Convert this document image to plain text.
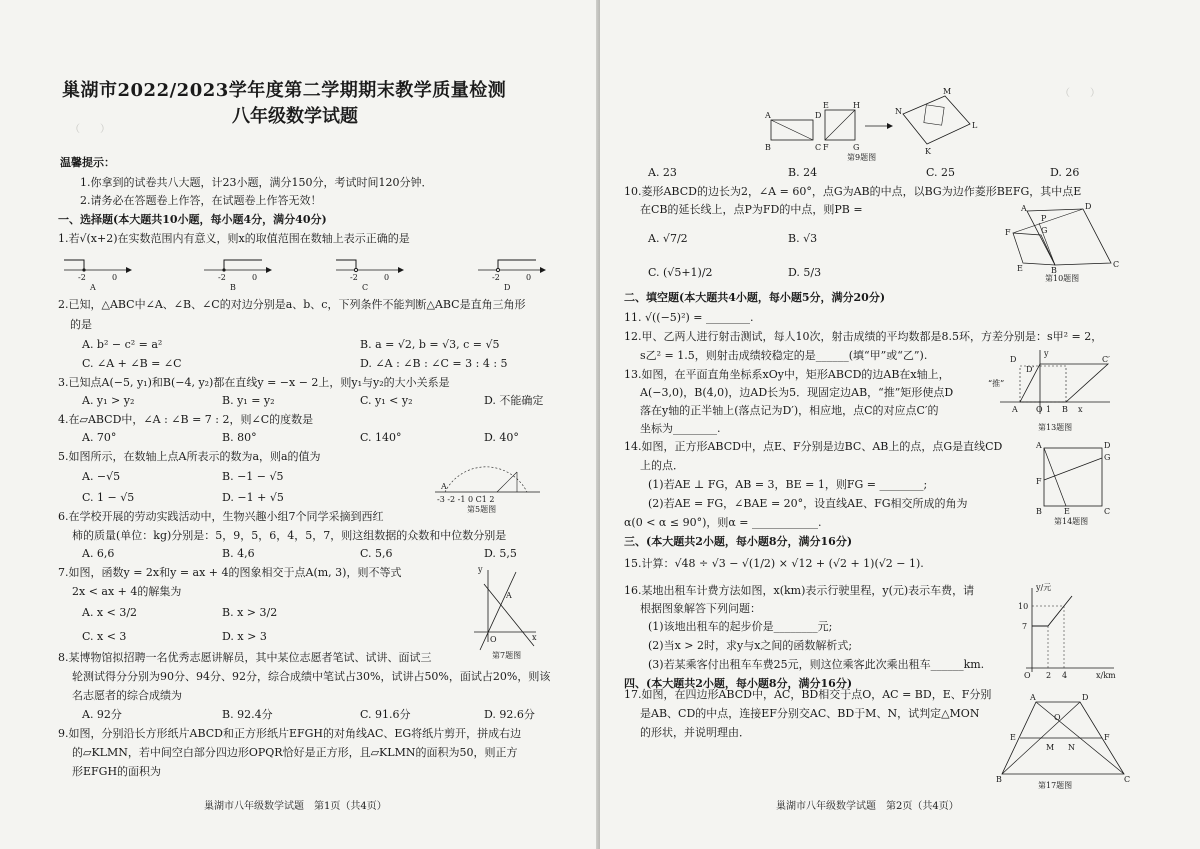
（　　）　　　　　　　　　　　　
巢湖市2022/2023学年度第二学期期末教学质量检测
八年级数学试题
温馨提示：
1.你拿到的试卷共八大题，计23小题，满分150分，考试时间120分钟．
2.请务必在答题卷上作答，在试题卷上作答无效！
一、选择题(本大题共10小题，每小题4分，满分40分)
1.若√(x+2)在实数范围内有意义，则x的取值范围在数轴上表示正确的是
-2	0
A
-2	0
B
-2	0
C
-2	0
D
2.已知，△ABC中∠A、∠B、∠C的对边分别是a、b、c，下列条件不能判断△ABC是直角三角形
的是
A. b² − c² = a²	B. a = √2, b = √3, c = √5
C. ∠A + ∠B = ∠C	D. ∠A : ∠B : ∠C = 3 : 4 : 5
3.已知点A(−5, y₁)和B(−4, y₂)都在直线y = −x − 2上，则y₁与y₂的大小关系是
A. y₁ > y₂	B. y₁ = y₂	C. y₁ < y₂	D. 不能确定
4.在▱ABCD中，∠A : ∠B = 7 : 2，则∠C的度数是
A. 70°	B. 80°	C. 140°	D. 40°
5.如图所示，在数轴上点A所表示的数为a，则a的值为
A. −√5	B. −1 − √5
C. 1 − √5	D. −1 + √5	-3 -2 -1 0 C1 2
A
第5题图
6.在学校开展的劳动实践活动中，生物兴趣小组7个同学采摘到西红
柿的质量(单位：kg)分别是：5，9，5，6，4，5，7，则这组数据的众数和中位数分别是
A. 6,6	B. 4,6	C. 5,6	D. 5,5
7.如图，函数y = 2x和y = ax + 4的图象相交于点A(m, 3)，则不等式
2x < ax + 4的解集为
A. x < 3/2	B. x > 3/2
C. x < 3	D. x > 3
y
x
O
A
第7题图
8.某博物馆拟招聘一名优秀志愿讲解员，其中某位志愿者笔试、试讲、面试三
轮测试得分分别为90分、94分、92分，综合成绩中笔试占30%，试讲占50%，面试占20%，则该
名志愿者的综合成绩为
A. 92分	B. 92.4分	C. 91.6分	D. 92.6分
9.如图，分别沿长方形纸片ABCD和正方形纸片EFGH的对角线AC、EG将纸片剪开，拼成右边
的▱KLMN，若中间空白部分四边形OPQR恰好是正方形，且▱KLMN的面积为50，则正方
形EFGH的面积为
巢湖市八年级数学试题　第1页（共4页）
（　　）
A	D
B	C
E	H
F	G
N
M
L
K
第9题图
A. 23	B. 24	C. 25	D. 26
10.菱形ABCD的边长为2，∠A = 60°，点G为AB的中点，以BG为边作菱形BEFG，其中点E
在CB的延长线上，点P为FD的中点，则PB =
A. √7/2	B. √3
C. (√5+1)/2	D. 5/3
A	D
C
B
F	G
P
E
第10题图
二、填空题(本大题共4小题，每小题5分，满分20分)
11. √((−5)²) = ________.
12.甲、乙两人进行射击测试，每人10次，射击成绩的平均数都是8.5环，方差分别是：s甲² = 2，
s乙² = 1.5，则射击成绩较稳定的是______(填“甲”或“乙”).
13.如图，在平面直角坐标系xOy中，矩形ABCD的边AB在x轴上，
A(−3,0)，B(4,0)，边AD长为5．现固定边AB，“推”矩形使点D
落在y轴的正半轴上(落点记为D′)，相应地，点C的对应点C′的
坐标为________.
D
D′
C′
A O 1 B x
y
“推”
第13题图
14.如图，正方形ABCD中，点E、F分别是边BC、AB上的点，点G是直线CD
上的点．
(1)若AE ⊥ FG，AB = 3，BE = 1，则FG = ________;
(2)若AE = FG，∠BAE = 20°，设直线AE、FG相交所成的角为
α(0 < α ≤ 90°)，则α = ____________.
A	D
G
F
B	E	C
第14题图
三、(本大题共2小题，每小题8分，满分16分)
15.计算：√48 ÷ √3 − √(1/2) × √12 + (√2 + 1)(√2 − 1).
16.某地出租车计费方法如图，x(km)表示行驶里程，y(元)表示车费，请
根据图象解答下列问题：
(1)该地出租车的起步价是________元;
(2)当x > 2时，求y与x之间的函数解析式;
(3)若某乘客付出租车车费25元，则这位乘客此次乘出租车______km.
y/元
10
7
O 2 4	x/km
四、(本大题共2小题，每小题8分，满分16分)
17.如图，在四边形ABCD中，AC，BD相交于点O，AC = BD，E、F分别
是AB、CD的中点，连接EF分别交AC、BD于M、N，试判定△MON
的形状，并说明理由．
A	D
B	C
E	F
O
M N
第17题图
巢湖市八年级数学试题　第2页（共4页）
